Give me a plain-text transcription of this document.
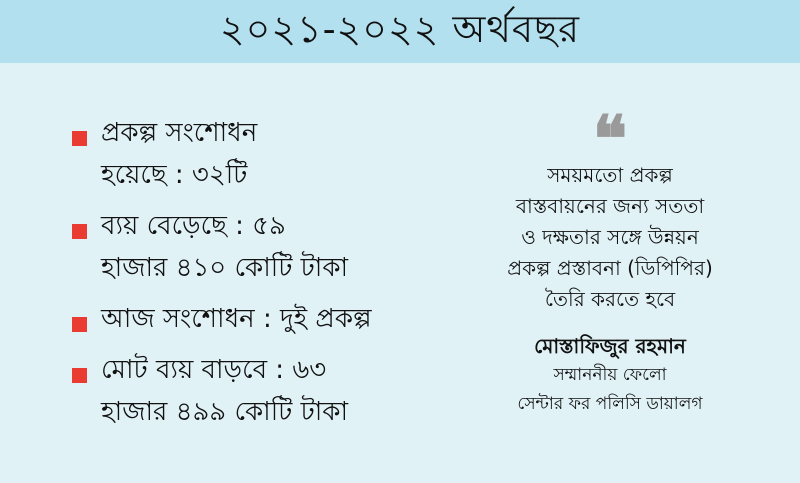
২০২১-২০২২ অর্থবছর
প্রকল্প সংশোধন
হয়েছে : ৩২টি
ব্যয় বেড়েছে : ৫৯
হাজার ৪১০ কোটি টাকা
আজ সংশোধন : দুই প্রকল্প
মোট ব্যয় বাড়বে : ৬৩
হাজার ৪৯৯ কোটি টাকা
❝
সময়মতো প্রকল্প
বাস্তবায়নের জন্য সততা
ও দক্ষতার সঙ্গে উন্নয়ন
প্রকল্প প্রস্তাবনা (ডিপিপির)
তৈরি করতে হবে
মোস্তাফিজুর রহমান
সম্মাননীয় ফেলো
সেন্টার ফর পলিসি ডায়ালগ
